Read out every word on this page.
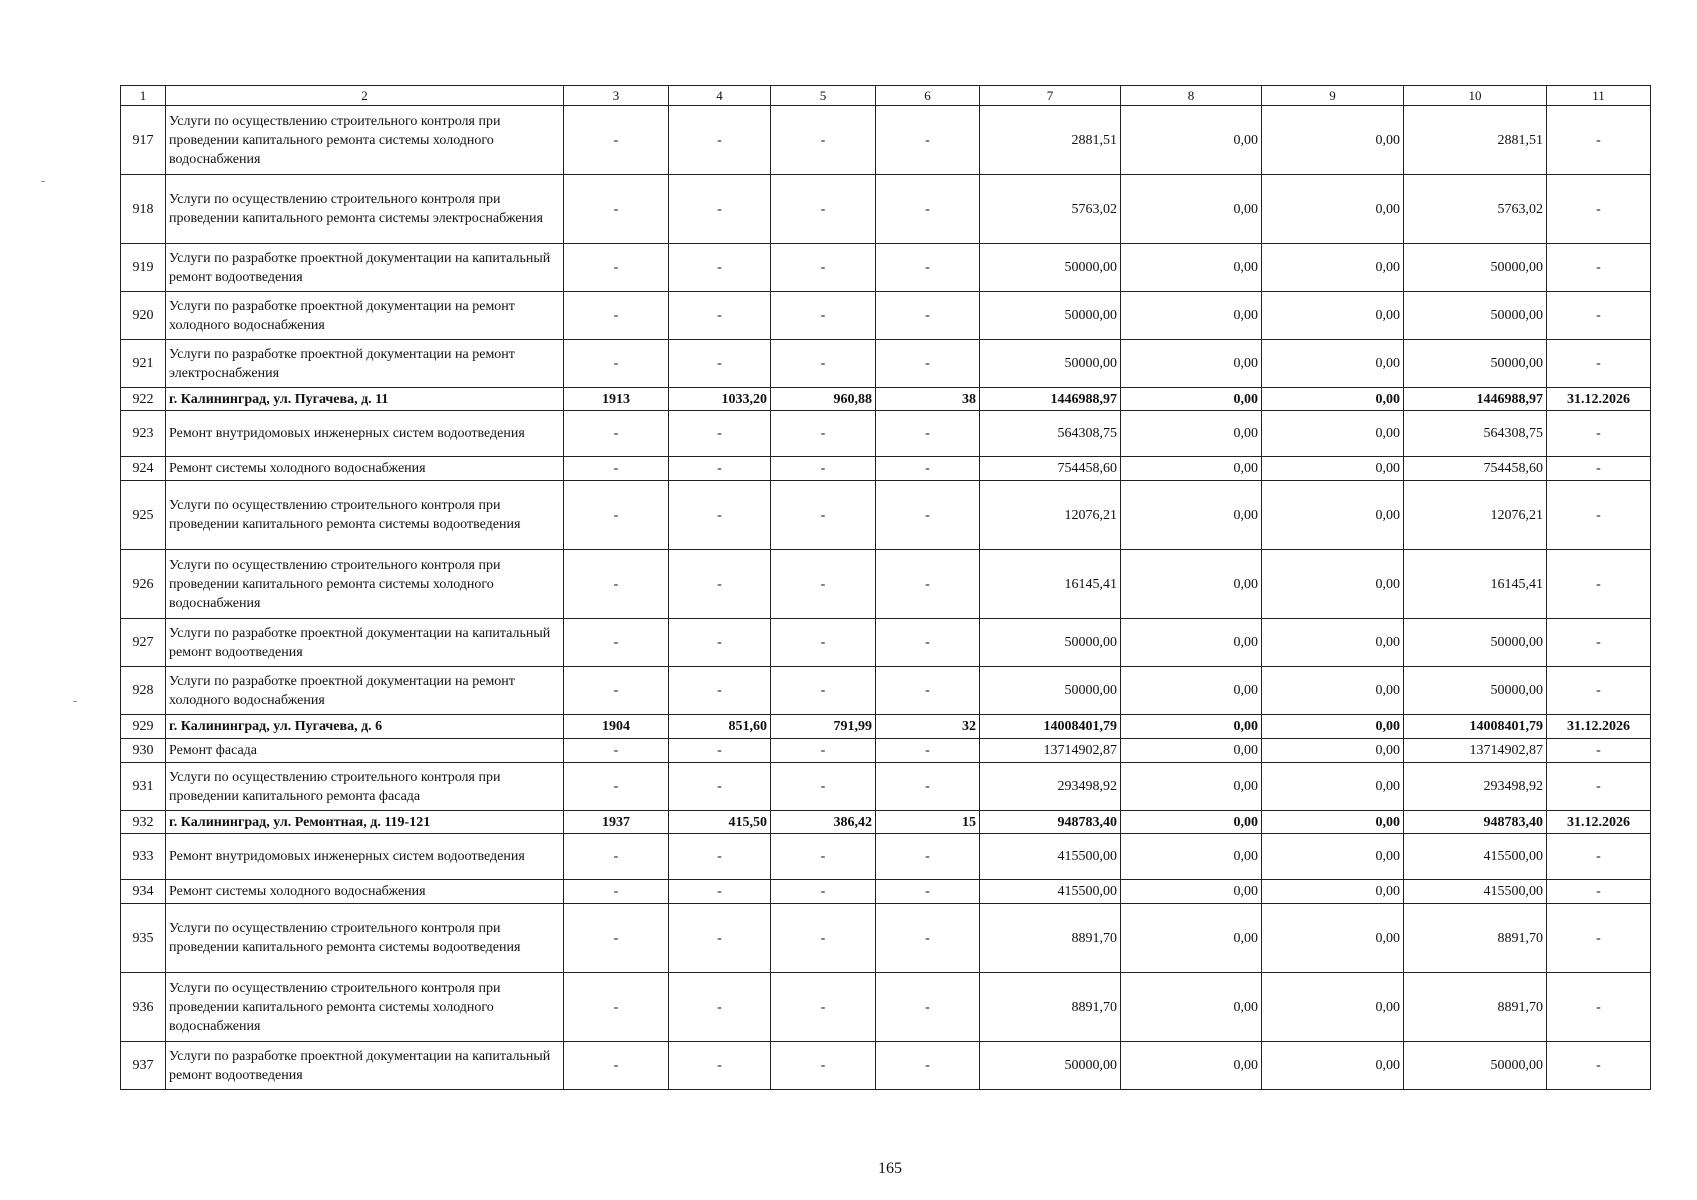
1	2	3	4	5	6	7	8	9	10	11
917	Услуги по осуществлению строительного контроля при проведении капитального ремонта системы холодного водоснабжения	-	-	-	-	2881,51	0,00	0,00	2881,51	-
918	Услуги по осуществлению строительного контроля при проведении капитального ремонта системы электроснабжения	-	-	-	-	5763,02	0,00	0,00	5763,02	-
919	Услуги по разработке проектной документации на капитальный ремонт водоотведения	-	-	-	-	50000,00	0,00	0,00	50000,00	-
920	Услуги по разработке проектной документации на ремонт холодного водоснабжения	-	-	-	-	50000,00	0,00	0,00	50000,00	-
921	Услуги по разработке проектной документации на ремонт электроснабжения	-	-	-	-	50000,00	0,00	0,00	50000,00	-
922	г. Калининград, ул. Пугачева, д. 11	1913	1033,20	960,88	38	1446988,97	0,00	0,00	1446988,97	31.12.2026
923	Ремонт внутридомовых инженерных систем водоотведения	-	-	-	-	564308,75	0,00	0,00	564308,75	-
924	Ремонт системы холодного водоснабжения	-	-	-	-	754458,60	0,00	0,00	754458,60	-
925	Услуги по осуществлению строительного контроля при проведении капитального ремонта системы водоотведения	-	-	-	-	12076,21	0,00	0,00	12076,21	-
926	Услуги по осуществлению строительного контроля при проведении капитального ремонта системы холодного водоснабжения	-	-	-	-	16145,41	0,00	0,00	16145,41	-
927	Услуги по разработке проектной документации на капитальный ремонт водоотведения	-	-	-	-	50000,00	0,00	0,00	50000,00	-
928	Услуги по разработке проектной документации на ремонт холодного водоснабжения	-	-	-	-	50000,00	0,00	0,00	50000,00	-
929	г. Калининград, ул. Пугачева, д. 6	1904	851,60	791,99	32	14008401,79	0,00	0,00	14008401,79	31.12.2026
930	Ремонт фасада	-	-	-	-	13714902,87	0,00	0,00	13714902,87	-
931	Услуги по осуществлению строительного контроля при проведении капитального ремонта фасада	-	-	-	-	293498,92	0,00	0,00	293498,92	-
932	г. Калининград, ул. Ремонтная, д. 119-121	1937	415,50	386,42	15	948783,40	0,00	0,00	948783,40	31.12.2026
933	Ремонт внутридомовых инженерных систем водоотведения	-	-	-	-	415500,00	0,00	0,00	415500,00	-
934	Ремонт системы холодного водоснабжения	-	-	-	-	415500,00	0,00	0,00	415500,00	-
935	Услуги по осуществлению строительного контроля при проведении капитального ремонта системы водоотведения	-	-	-	-	8891,70	0,00	0,00	8891,70	-
936	Услуги по осуществлению строительного контроля при проведении капитального ремонта системы холодного водоснабжения	-	-	-	-	8891,70	0,00	0,00	8891,70	-
937	Услуги по разработке проектной документации на капитальный ремонт водоотведения	-	-	-	-	50000,00	0,00	0,00	50000,00	-
165
